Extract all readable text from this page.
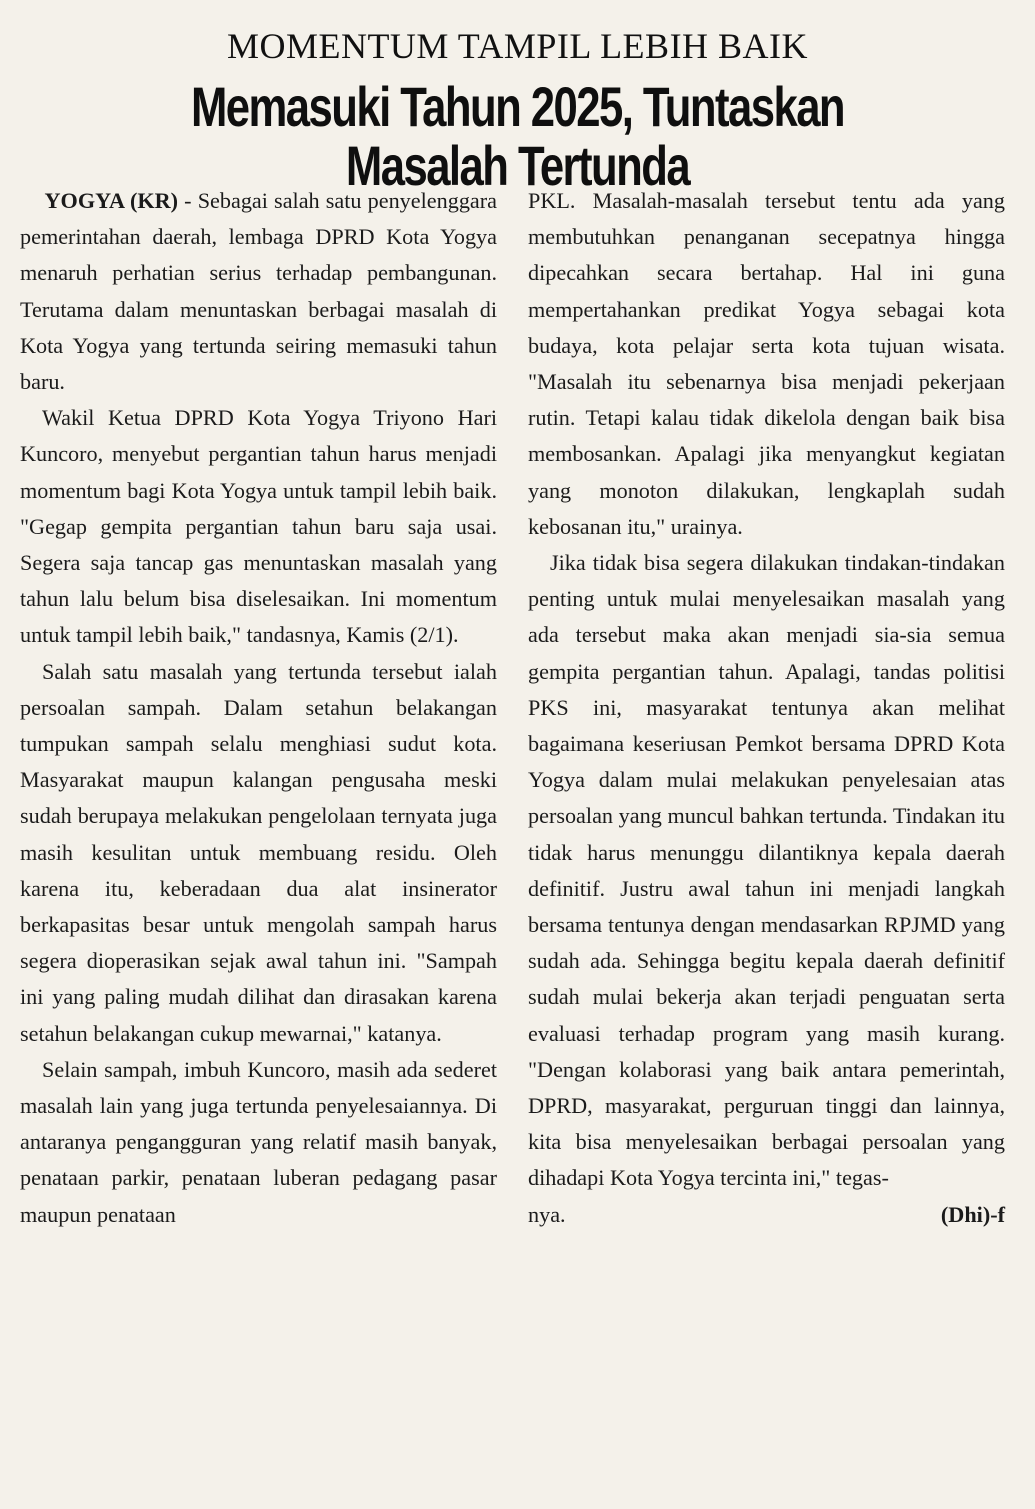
MOMENTUM TAMPIL LEBIH BAIK
Memasuki Tahun 2025, Tuntaskan Masalah Tertunda

YOGYA (KR) - Sebagai salah satu penyelenggara pemerintahan daerah, lembaga DPRD Kota Yogya menaruh perhatian serius terhadap pembangunan. Terutama dalam menuntaskan berbagai masalah di Kota Yogya yang tertunda seiring memasuki tahun baru.

Wakil Ketua DPRD Kota Yogya Triyono Hari Kuncoro, menyebut pergantian tahun harus menjadi momentum bagi Kota Yogya untuk tampil lebih baik. "Gegap gempita pergantian tahun baru saja usai. Segera saja tancap gas menuntaskan masalah yang tahun lalu belum bisa diselesaikan. Ini momentum untuk tampil lebih baik," tandasnya, Kamis (2/1).

Salah satu masalah yang tertunda tersebut ialah persoalan sampah. Dalam setahun belakangan tumpukan sampah selalu menghiasi sudut kota. Masyarakat maupun kalangan pengusaha meski sudah berupaya melakukan pengelolaan ternyata juga masih kesulitan untuk membuang residu. Oleh karena itu, keberadaan dua alat insinerator berkapasitas besar untuk mengolah sampah harus segera dioperasikan sejak awal tahun ini. "Sampah ini yang paling mudah dilihat dan dirasakan karena setahun belakangan cukup mewarnai," katanya.

Selain sampah, imbuh Kuncoro, masih ada sederet masalah lain yang juga tertunda penyelesaiannya. Di antaranya pengangguran yang relatif masih banyak, penataan parkir, penataan luberan pedagang pasar maupun penataan

PKL. Masalah-masalah tersebut tentu ada yang membutuhkan penanganan secepatnya hingga dipecahkan secara bertahap. Hal ini guna mempertahankan predikat Yogya sebagai kota budaya, kota pelajar serta kota tujuan wisata. "Masalah itu sebenarnya bisa menjadi pekerjaan rutin. Tetapi kalau tidak dikelola dengan baik bisa membosankan. Apalagi jika menyangkut kegiatan yang monoton dilakukan, lengkaplah sudah kebosanan itu," urainya.

Jika tidak bisa segera dilakukan tindakan-tindakan penting untuk mulai menyelesaikan masalah yang ada tersebut maka akan menjadi sia-sia semua gempita pergantian tahun. Apalagi, tandas politisi PKS ini, masyarakat tentunya akan melihat bagaimana keseriusan Pemkot bersama DPRD Kota Yogya dalam mulai melakukan penyelesaian atas persoalan yang muncul bahkan tertunda. Tindakan itu tidak harus menunggu dilantiknya kepala daerah definitif. Justru awal tahun ini menjadi langkah bersama tentunya dengan mendasarkan RPJMD yang sudah ada. Sehingga begitu kepala daerah definitif sudah mulai bekerja akan terjadi penguatan serta evaluasi terhadap program yang masih kurang. "Dengan kolaborasi yang baik antara pemerintah, DPRD, masyarakat, perguruan tinggi dan lainnya, kita bisa menyelesaikan berbagai persoalan yang dihadapi Kota Yogya tercinta ini," tegas-

nya.	(Dhi)-f
